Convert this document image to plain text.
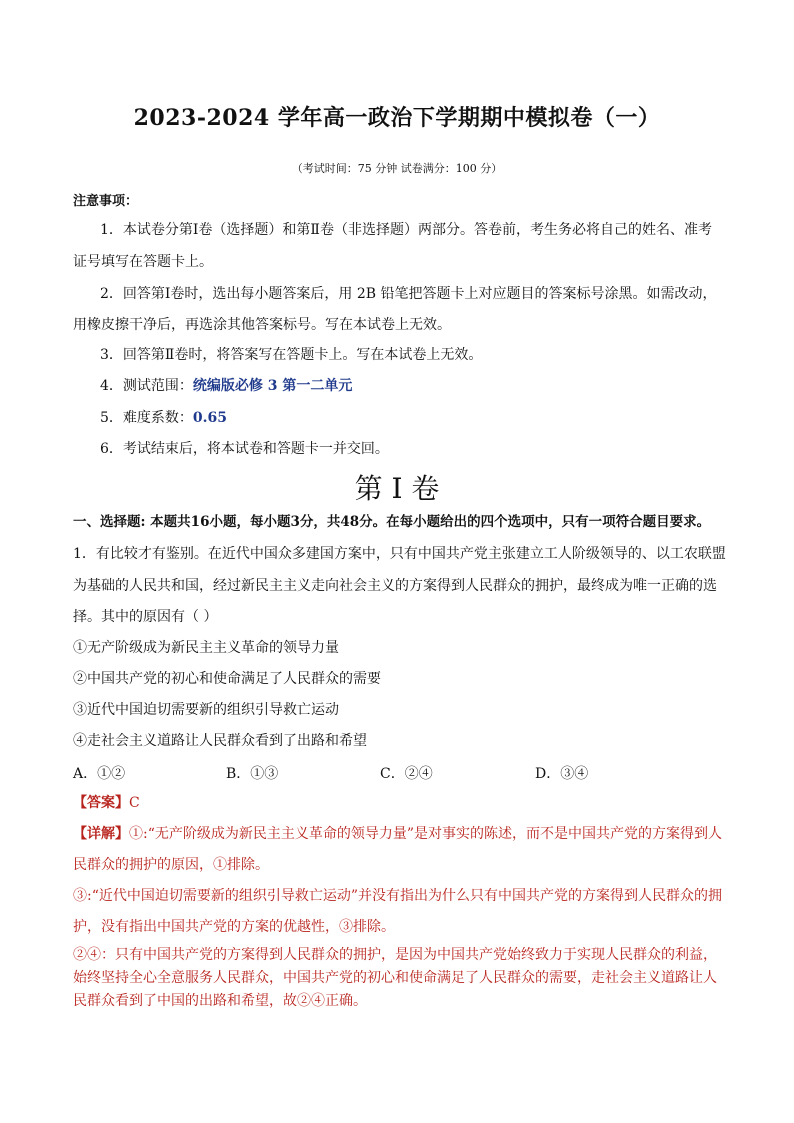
2023-2024 学年高一政治下学期期中模拟卷（一）
（考试时间：75 分钟 试卷满分：100 分）
注意事项：
1．本试卷分第Ⅰ卷（选择题）和第Ⅱ卷（非选择题）两部分。答卷前，考生务必将自己的姓名、准考
证号填写在答题卡上。
2．回答第Ⅰ卷时，选出每小题答案后，用 2B 铅笔把答题卡上对应题目的答案标号涂黑。如需改动，
用橡皮擦干净后，再选涂其他答案标号。写在本试卷上无效。
3．回答第Ⅱ卷时，将答案写在答题卡上。写在本试卷上无效。
4．测试范围：统编版必修 3 第一二单元
5．难度系数：0.65
6．考试结束后，将本试卷和答题卡一并交回。
第 I 卷
一、选择题: 本题共16小题，每小题3分，共48分。在每小题给出的四个选项中，只有一项符合题目要求。
1．有比较才有鉴别。在近代中国众多建国方案中，只有中国共产党主张建立工人阶级领导的、以工农联盟
为基础的人民共和国，经过新民主主义走向社会主义的方案得到人民群众的拥护，最终成为唯一正确的选
择。其中的原因有（ ）
①无产阶级成为新民主主义革命的领导力量
②中国共产党的初心和使命满足了人民群众的需要
③近代中国迫切需要新的组织引导救亡运动
④走社会主义道路让人民群众看到了出路和希望
A．①②	B．①③	C．②④	D．③④
【答案】C
【详解】①:“无产阶级成为新民主主义革命的领导力量”是对事实的陈述，而不是中国共产党的方案得到人
民群众的拥护的原因，①排除。
③:“近代中国迫切需要新的组织引导救亡运动”并没有指出为什么只有中国共产党的方案得到人民群众的拥
护，没有指出中国共产党的方案的优越性，③排除。
②④：只有中国共产党的方案得到人民群众的拥护，是因为中国共产党始终致力于实现人民群众的利益，
始终坚持全心全意服务人民群众，中国共产党的初心和使命满足了人民群众的需要，走社会主义道路让人
民群众看到了中国的出路和希望，故②④正确。
